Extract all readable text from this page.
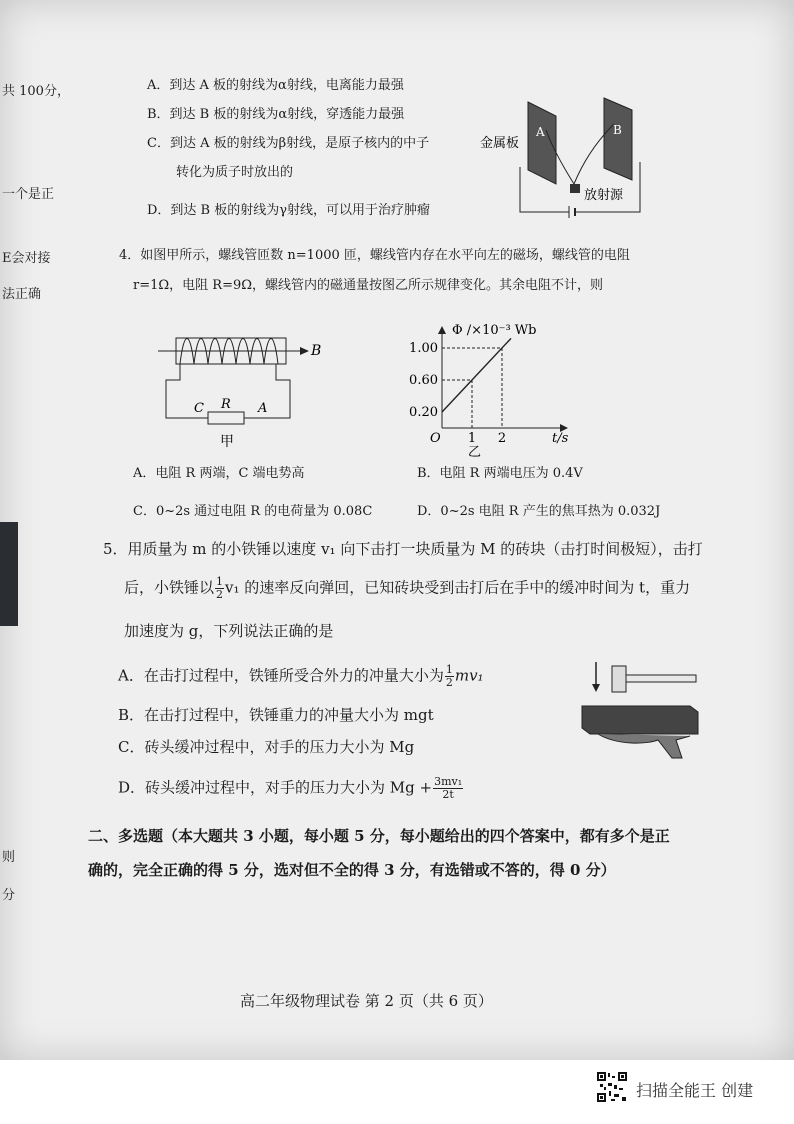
共 100分，
一个是正
E会对接
法正确
则
分
A．到达 A 板的射线为α射线，电离能力最强
B．到达 B 板的射线为α射线，穿透能力最强
C．到达 A 板的射线为β射线，是原子核内的中子
转化为质子时放出的
D．到达 B 板的射线为γ射线，可以用于治疗肿瘤
金属板
A	B
放射源
4．如图甲所示，螺线管匝数 n=1000 匝，螺线管内存在水平向左的磁场，螺线管的电阻
r=1Ω，电阻 R=9Ω，螺线管内的磁通量按图乙所示规律变化。其余电阻不计，则
B
C R A
甲
0.20
0.60
1.00
1 2
Φ /×10⁻³ Wb
t/s
O
乙
A．电阻 R 两端，C 端电势高	B．电阻 R 两端电压为 0.4V
C．0~2s 通过电阻 R 的电荷量为 0.08C	D．0~2s 电阻 R 产生的焦耳热为 0.032J
5．用质量为 m 的小铁锤以速度 v₁ 向下击打一块质量为 M 的砖块（击打时间极短），击打
后，小铁锤以 $\frac{1}{2} v_1$ 的速率反向弹回，已知砖块受到击打后在手中的缓冲时间为 t，重力
加速度为 g，下列说法正确的是
A．在击打过程中，铁锤所受合外力的冲量大小为 $\frac{1}{2} mv_1$
B．在击打过程中，铁锤重力的冲量大小为 mgt
C．砖头缓冲过程中，对手的压力大小为 Mg
D．砖头缓冲过程中，对手的压力大小为 $Mg + \frac{\text{3mv₁}}{2t}$
二、多选题（本大题共 3 小题，每小题 5 分，每小题给出的四个答案中，都有多个是正
确的，完全正确的得 5 分，选对但不全的得 3 分，有选错或不答的，得 0 分）
高二年级物理试卷 第 2 页（共 6 页）
扫描全能王 创建
